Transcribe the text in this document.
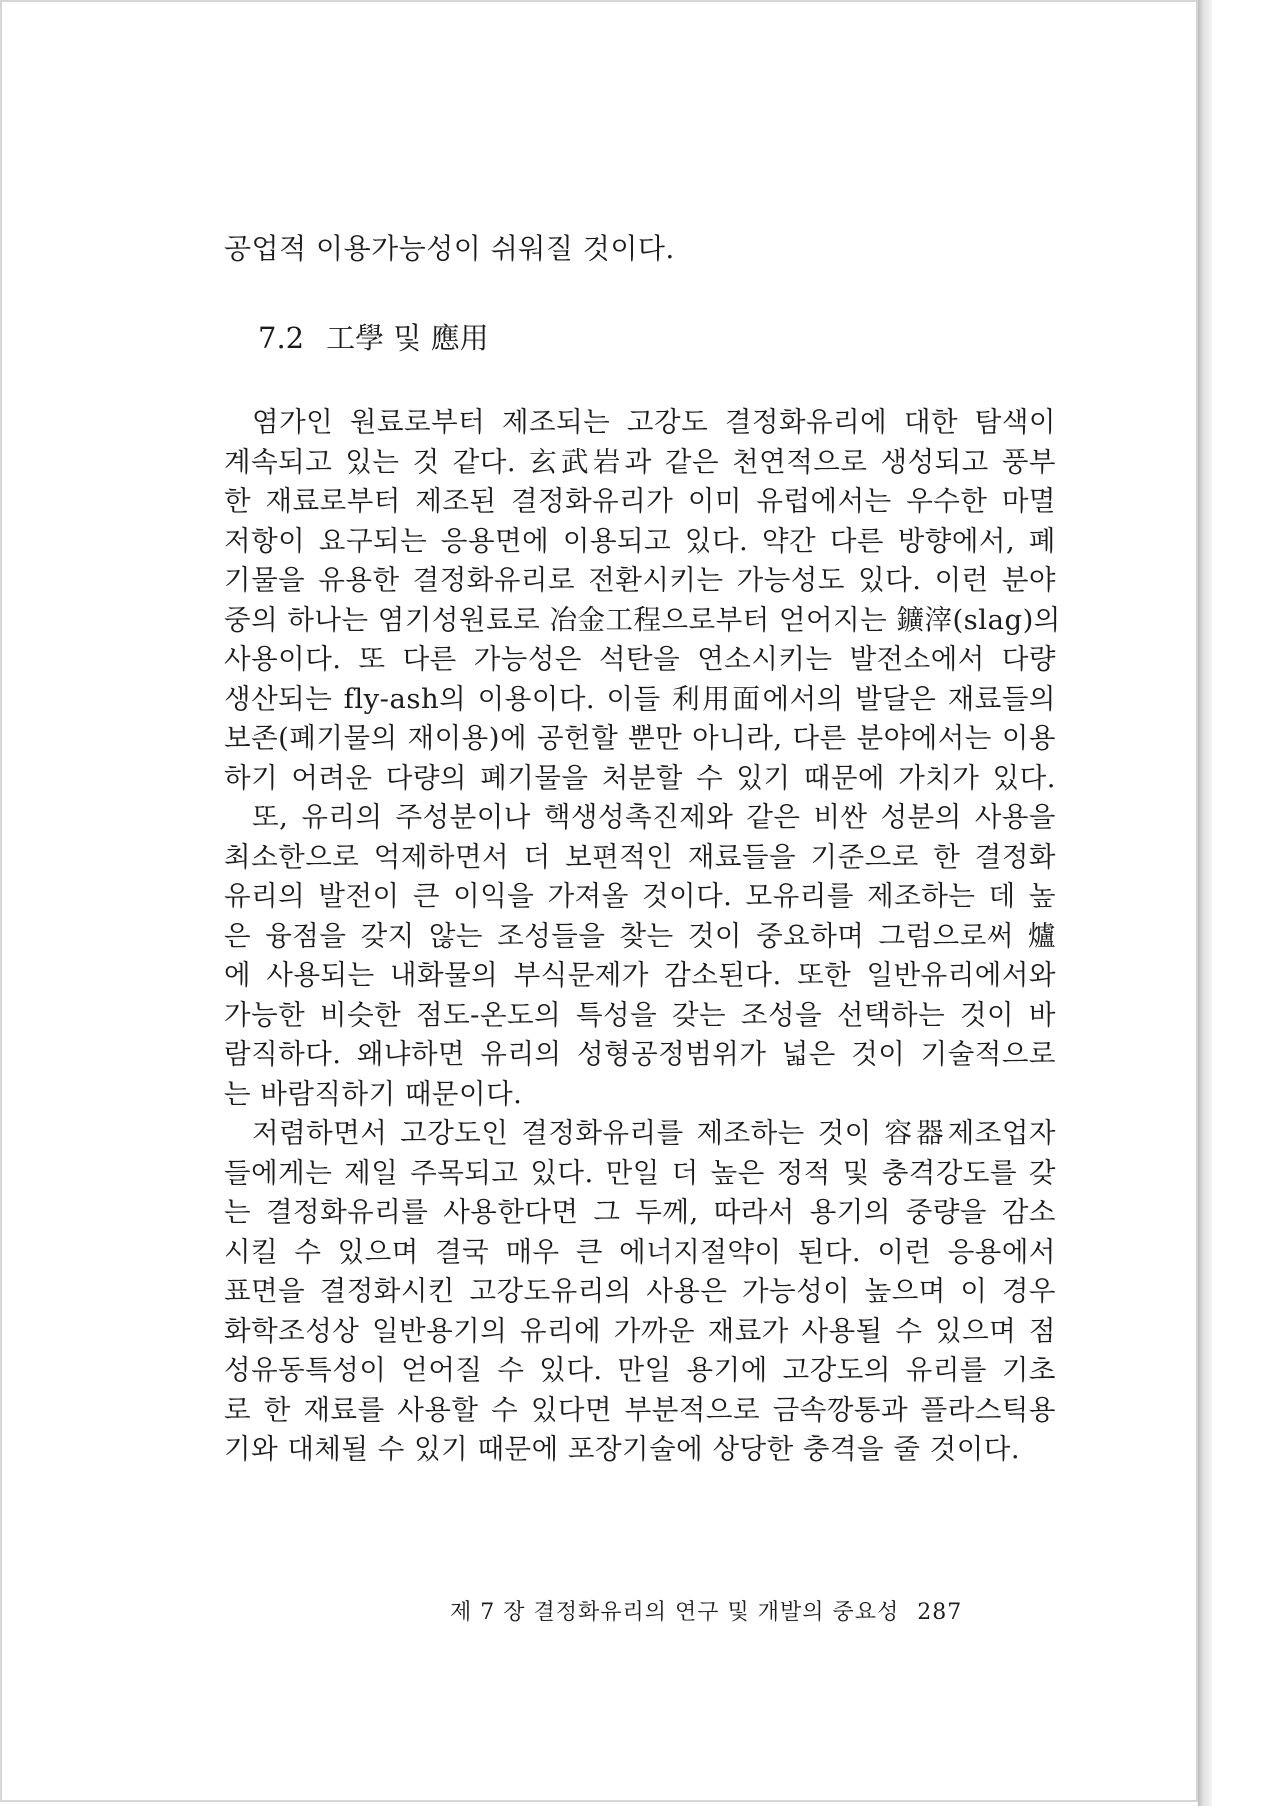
공업적 이용가능성이 쉬워질 것이다.
7.2 工學 및 應用
염가인 원료로부터 제조되는 고강도 결정화유리에 대한 탐색이
계속되고 있는 것 같다. 玄武岩과 같은 천연적으로 생성되고 풍부
한 재료로부터 제조된 결정화유리가 이미 유럽에서는 우수한 마멸
저항이 요구되는 응용면에 이용되고 있다. 약간 다른 방향에서, 폐
기물을 유용한 결정화유리로 전환시키는 가능성도 있다. 이런 분야
중의 하나는 염기성원료로 冶金工程으로부터 얻어지는 鑛滓(slag)의
사용이다. 또 다른 가능성은 석탄을 연소시키는 발전소에서 다량
생산되는 fly-ash의 이용이다. 이들 利用面에서의 발달은 재료들의
보존(폐기물의 재이용)에 공헌할 뿐만 아니라, 다른 분야에서는 이용
하기 어려운 다량의 폐기물을 처분할 수 있기 때문에 가치가 있다.
또, 유리의 주성분이나 핵생성촉진제와 같은 비싼 성분의 사용을
최소한으로 억제하면서 더 보편적인 재료들을 기준으로 한 결정화
유리의 발전이 큰 이익을 가져올 것이다. 모유리를 제조하는 데 높
은 융점을 갖지 않는 조성들을 찾는 것이 중요하며 그럼으로써 爐
에 사용되는 내화물의 부식문제가 감소된다. 또한 일반유리에서와
가능한 비슷한 점도-온도의 특성을 갖는 조성을 선택하는 것이 바
람직하다. 왜냐하면 유리의 성형공정범위가 넓은 것이 기술적으로
는 바람직하기 때문이다.
저렴하면서 고강도인 결정화유리를 제조하는 것이 容器제조업자
들에게는 제일 주목되고 있다. 만일 더 높은 정적 및 충격강도를 갖
는 결정화유리를 사용한다면 그 두께, 따라서 용기의 중량을 감소
시킬 수 있으며 결국 매우 큰 에너지절약이 된다. 이런 응용에서
표면을 결정화시킨 고강도유리의 사용은 가능성이 높으며 이 경우
화학조성상 일반용기의 유리에 가까운 재료가 사용될 수 있으며 점
성유동특성이 얻어질 수 있다. 만일 용기에 고강도의 유리를 기초
로 한 재료를 사용할 수 있다면 부분적으로 금속깡통과 플라스틱용
기와 대체될 수 있기 때문에 포장기술에 상당한 충격을 줄 것이다.
제 7 장 결정화유리의 연구 및 개발의 중요성 287
